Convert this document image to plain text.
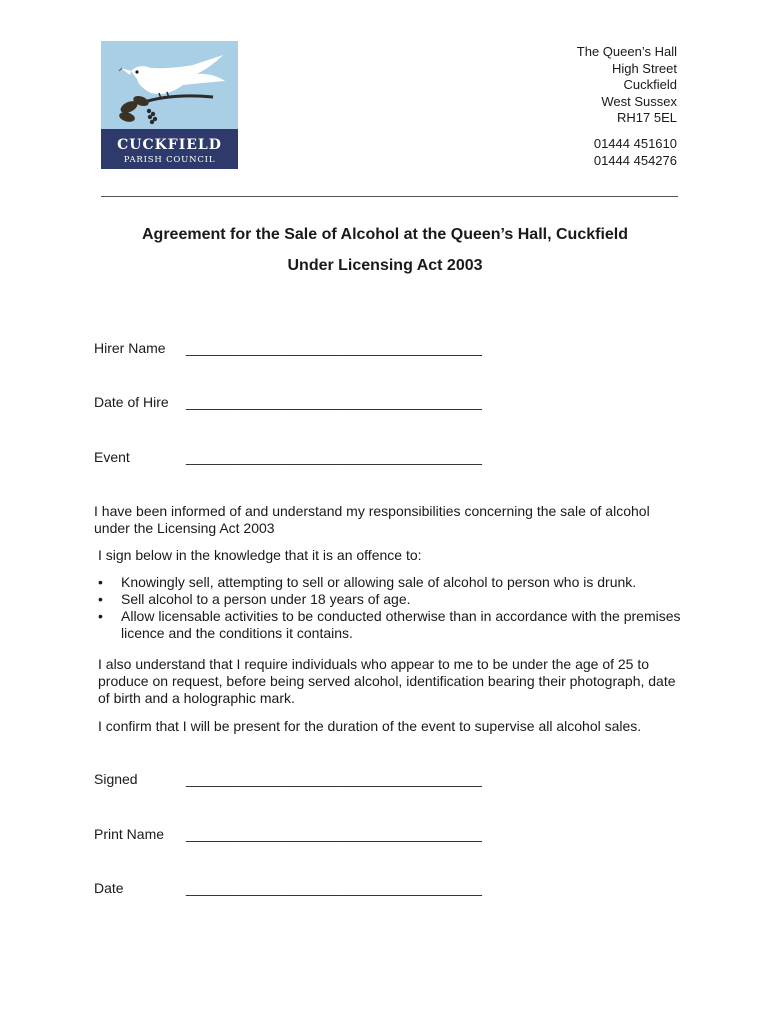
CUCKFIELD
PARISH COUNCIL
The Queen’s Hall
High Street
Cuckfield
West Sussex
RH17 5EL
01444 451610
01444 454276
Agreement for the Sale of Alcohol at the Queen’s Hall, Cuckfield
Under Licensing Act 2003
Hirer Name ______________________________________
Date of Hire ______________________________________
Event	______________________________________
I have been informed of and understand my responsibilities concerning the sale of alcohol under the Licensing Act 2003
I sign below in the knowledge that it is an offence to:
• Knowingly sell, attempting to sell or allowing sale of alcohol to person who is drunk.
• Sell alcohol to a person under 18 years of age.
• Allow licensable activities to be conducted otherwise than in accordance with the premises licence and the conditions it contains.
I also understand that I require individuals who appear to me to be under the age of 25 to produce on request, before being served alcohol, identification bearing their photograph, date of birth and a holographic mark.
I confirm that I will be present for the duration of the event to supervise all alcohol sales.
Signed	______________________________________
Print Name ______________________________________
Date	______________________________________
